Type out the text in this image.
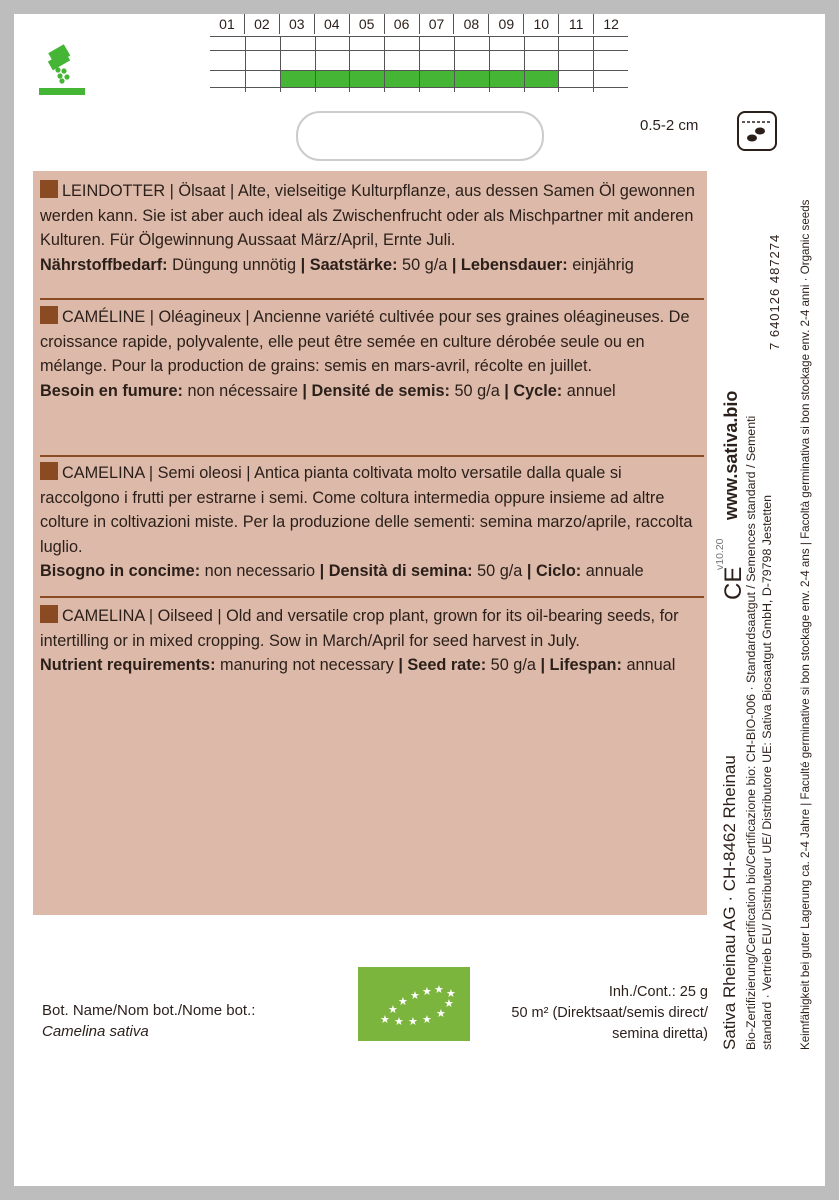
01	02	03	04	05	06	07	08	09	10	11	12
0.5-2 cm
LEINDOTTER | Ölsaat | Alte, vielseitige Kulturpflanze, aus dessen Samen Öl gewonnen werden kann. Sie ist aber auch ideal als Zwischenfrucht oder als Mischpartner mit anderen Kulturen. Für Ölgewinnung Aussaat März/April, Ernte Juli.
Nährstoffbedarf: Düngung unnötig | Saatstärke: 50 g/a | Lebensdauer: einjährig
CAMÉLINE | Oléagineux | Ancienne variété cultivée pour ses graines oléagineuses. De croissance rapide, polyvalente, elle peut être semée en culture dérobée seule ou en mélange. Pour la production de grains: semis en mars-avril, récolte en juillet.
Besoin en fumure: non nécessaire | Densité de semis: 50 g/a | Cycle: annuel
CAMELINA | Semi oleosi | Antica pianta coltivata molto versatile dalla quale si raccolgono i frutti per estrarne i semi. Come coltura intermedia oppure insieme ad altre colture in coltivazioni miste. Per la produzione delle sementi: semina marzo/aprile, raccolta luglio.
Bisogno in concime: non necessario | Densità di semina: 50 g/a | Ciclo: annuale
CAMELINA | Oilseed | Old and versatile crop plant, grown for its oil-bearing seeds, for intertilling or in mixed cropping. Sow in March/April for seed harvest in July.
Nutrient requirements: manuring not necessary | Seed rate: 50 g/a | Lifespan: annual
Bot. Name/Nom bot./Nome bot.:
Camelina sativa
★
★
★ ★ ★ ★
★ ★ ★ ★
★
★	Inh./Cont.: 25 g
50 m² (Direktsaat/semis direct/
semina diretta) Sativa Rheinau AG · CH-8462 Rheinau Bio-Zertifizierung/Certification bio/Certificazione bio: CH-BIO-006 · Standardsaatgut / Semences standard / Sementi standard · Vertrieb EU/ Distributeur UE/ Distributore UE: Sativa Biosaatgut GmbH, D-79798 Jestetten Keimfähigkeit bei guter Lagerung ca. 2-4 Jahre | Faculté germinative si bon stockage env. 2-4 ans | Facoltà germinativa si bon stockage env. 2-4 anni · Organic seeds
www.sativa.bio
7 640126 487274
v10.20
CE
